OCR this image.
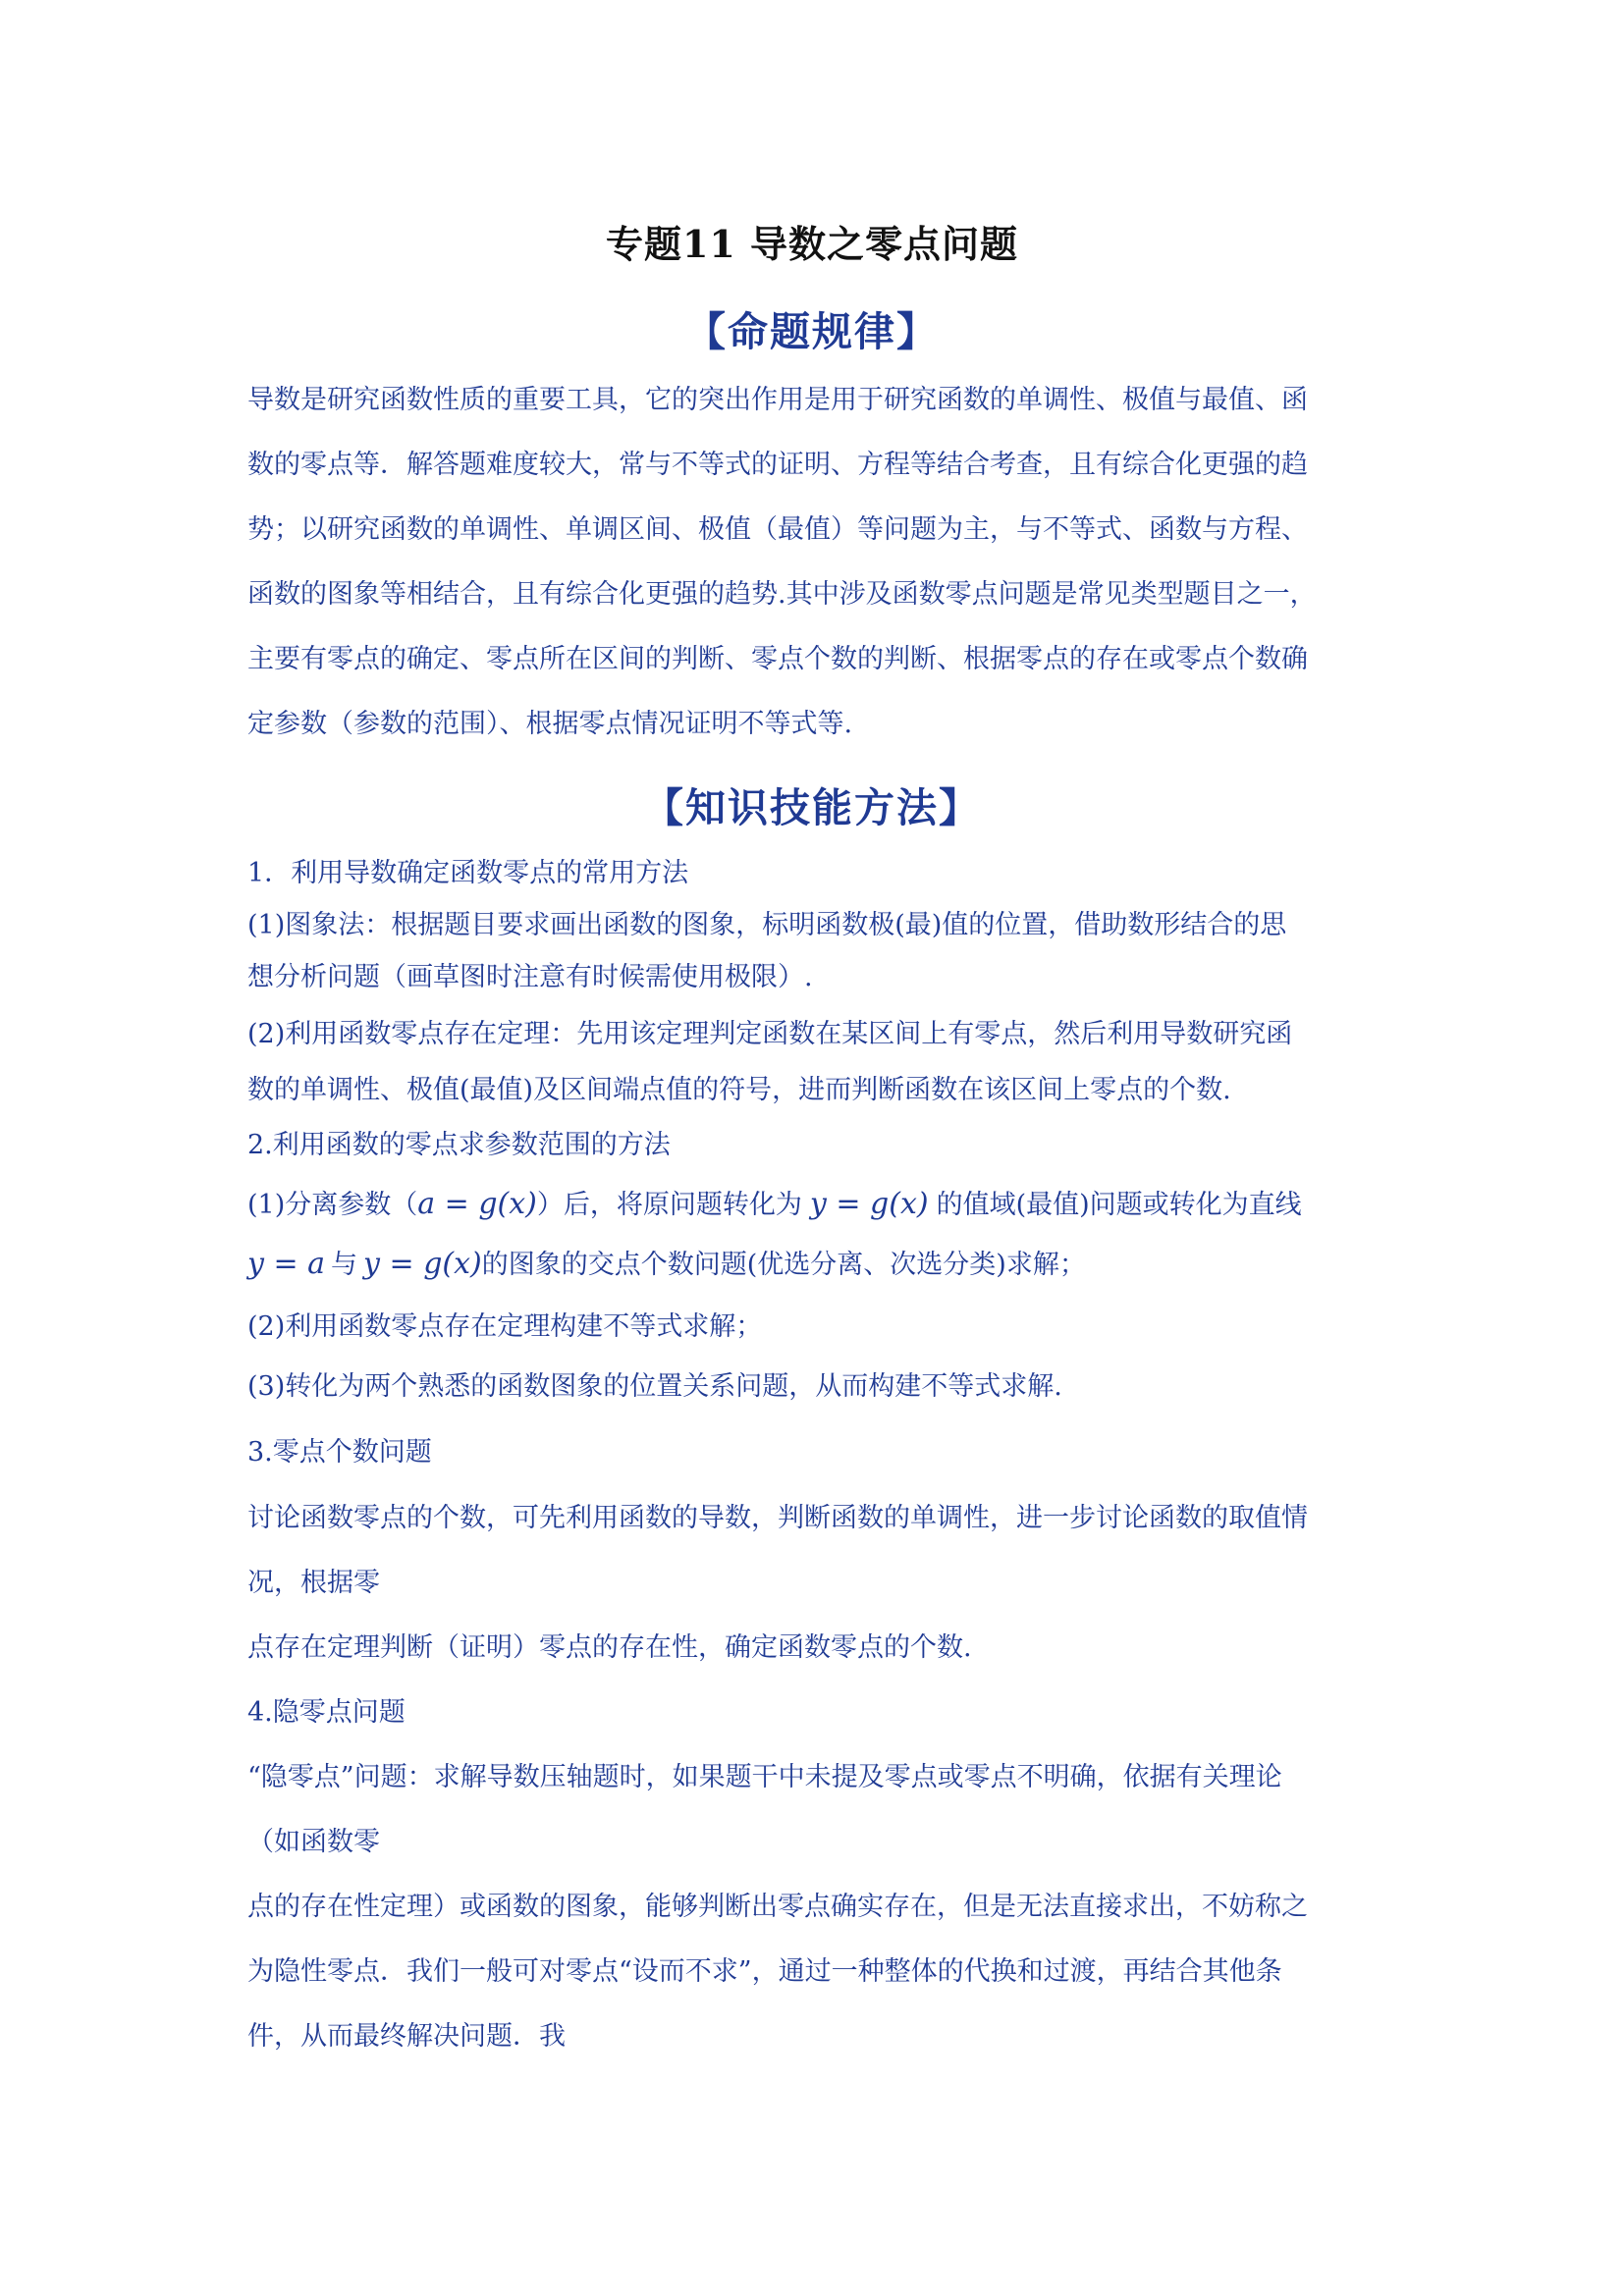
专题11 导数之零点问题
【命题规律】
导数是研究函数性质的重要工具，它的突出作用是用于研究函数的单调性、极值与最值、函
数的零点等．解答题难度较大，常与不等式的证明、方程等结合考查，且有综合化更强的趋
势；以研究函数的单调性、单调区间、极值（最值）等问题为主，与不等式、函数与方程、
函数的图象等相结合，且有综合化更强的趋势.其中涉及函数零点问题是常见类型题目之一，
主要有零点的确定、零点所在区间的判断、零点个数的判断、根据零点的存在或零点个数确
定参数（参数的范围）、根据零点情况证明不等式等.
【知识技能方法】
1．利用导数确定函数零点的常用方法
(1)图象法：根据题目要求画出函数的图象，标明函数极(最)值的位置，借助数形结合的思
想分析问题（画草图时注意有时候需使用极限）.
(2)利用函数零点存在定理：先用该定理判定函数在某区间上有零点，然后利用导数研究函
数的单调性、极值(最值)及区间端点值的符号，进而判断函数在该区间上零点的个数.
2.利用函数的零点求参数范围的方法
(1)分离参数（a = g(x)）后，将原问题转化为 y = g(x) 的值域(最值)问题或转化为直线
y = a 与 y = g(x)的图象的交点个数问题(优选分离、次选分类)求解；
(2)利用函数零点存在定理构建不等式求解；
(3)转化为两个熟悉的函数图象的位置关系问题，从而构建不等式求解.
3.零点个数问题
讨论函数零点的个数，可先利用函数的导数，判断函数的单调性，进一步讨论函数的取值情
况，根据零
点存在定理判断（证明）零点的存在性，确定函数零点的个数.
4.隐零点问题
“隐零点”问题：求解导数压轴题时，如果题干中未提及零点或零点不明确，依据有关理论
（如函数零
点的存在性定理）或函数的图象，能够判断出零点确实存在，但是无法直接求出，不妨称之
为隐性零点．我们一般可对零点“设而不求”，通过一种整体的代换和过渡，再结合其他条
件，从而最终解决问题．我
